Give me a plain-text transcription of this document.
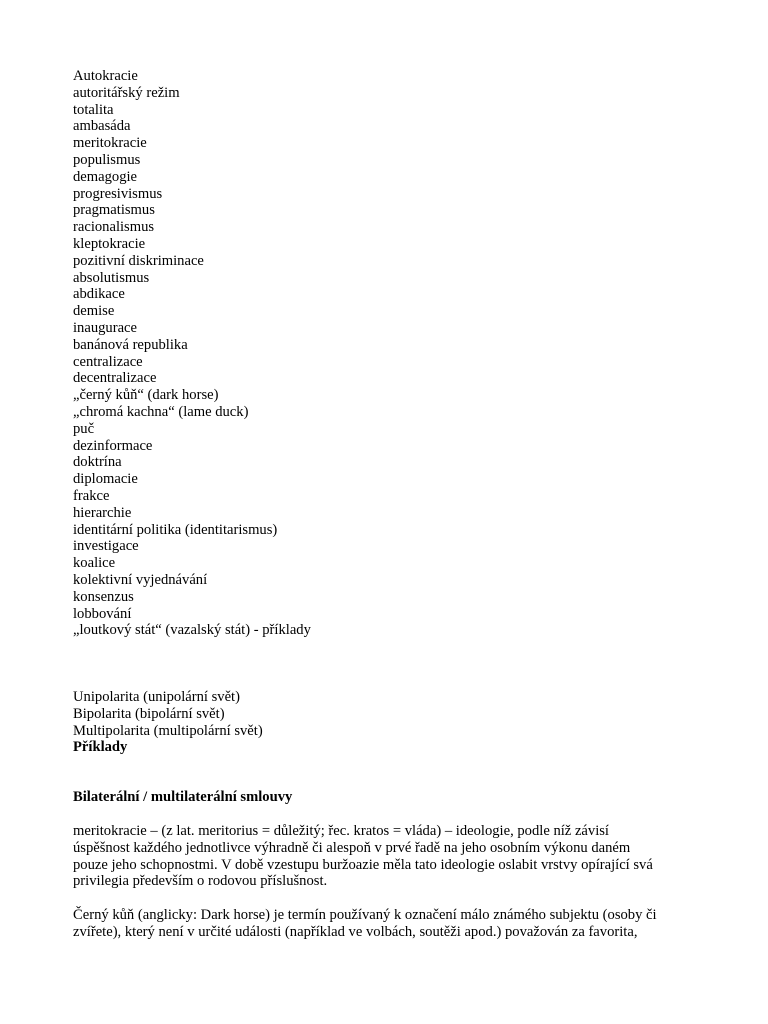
Autokracie
autoritářský režim
totalita
ambasáda
meritokracie
populismus
demagogie
progresivismus
pragmatismus
racionalismus
kleptokracie
pozitivní diskriminace
absolutismus
abdikace
demise
inaugurace
banánová republika
centralizace
decentralizace
„černý kůň“ (dark horse)
„chromá kachna“ (lame duck)
puč
dezinformace
doktrína
diplomacie
frakce
hierarchie
identitární politika (identitarismus)
investigace
koalice
kolektivní vyjednávání
konsenzus
lobbování
„loutkový stát“ (vazalský stát) - příklady
Unipolarita (unipolární svět)
Bipolarita (bipolární svět)
Multipolarita (multipolární svět)
Příklady
Bilaterální / multilaterální smlouvy
meritokracie – (z lat. meritorius = důležitý; řec. kratos = vláda) – ideologie, podle níž závisí
úspěšnost každého jednotlivce výhradně či alespoň v prvé řadě na jeho osobním výkonu daném
pouze jeho schopnostmi. V době vzestupu buržoazie měla tato ideologie oslabit vrstvy opírající svá
privilegia především o rodovou příslušnost.
Černý kůň (anglicky: Dark horse) je termín používaný k označení málo známého subjektu (osoby či
zvířete), který není v určité události (například ve volbách, soutěži apod.) považován za favorita,
